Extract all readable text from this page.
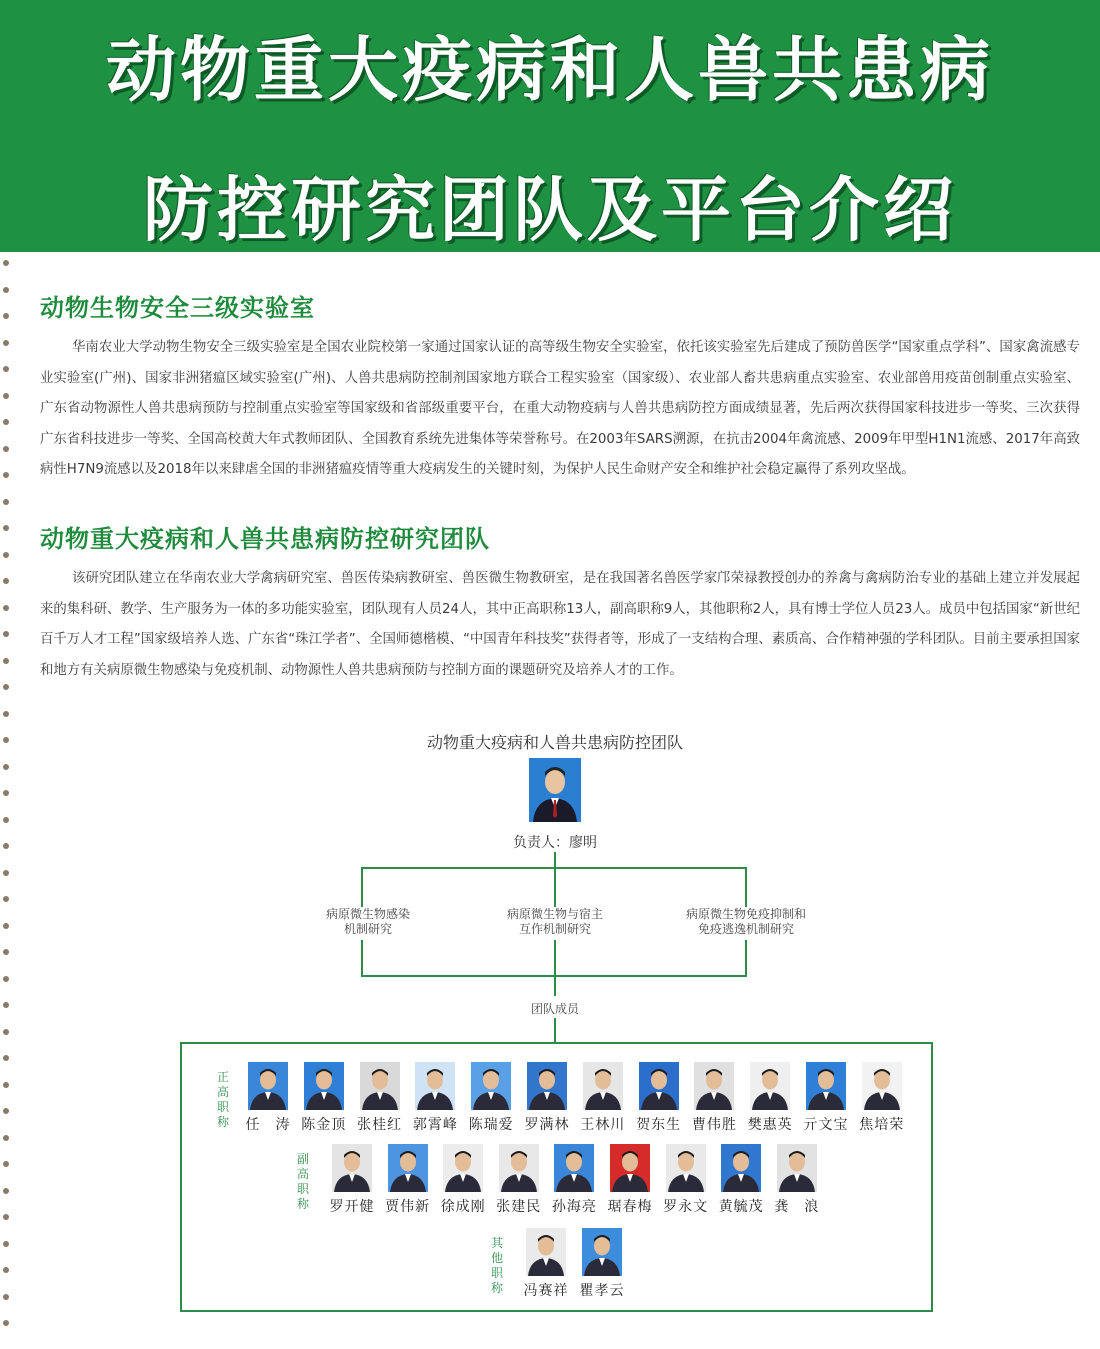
动物重大疫病和人兽共患病
防控研究团队及平台介绍
动物生物安全三级实验室

华南农业大学动物生物安全三级实验室是全国农业院校第一家通过国家认证的高等级生物安全实验室，依托该实验室先后建成了预防兽医学“国家重点学科”、国家禽流感专业实验室(广州)、国家非洲猪瘟区域实验室(广州)、人兽共患病防控制剂国家地方联合工程实验室（国家级）、农业部人畜共患病重点实验室、农业部兽用疫苗创制重点实验室、广东省动物源性人兽共患病预防与控制重点实验室等国家级和省部级重要平台，在重大动物疫病与人兽共患病防控方面成绩显著，先后两次获得国家科技进步一等奖、三次获得广东省科技进步一等奖、全国高校黄大年式教师团队、全国教育系统先进集体等荣誉称号。在2003年SARS溯源，在抗击2004年禽流感、2009年甲型H1N1流感、2017年高致病性H7N9流感以及2018年以来肆虐全国的非洲猪瘟疫情等重大疫病发生的关键时刻，为保护人民生命财产安全和维护社会稳定赢得了系列攻坚战。

动物重大疫病和人兽共患病防控研究团队

该研究团队建立在华南农业大学禽病研究室、兽医传染病教研室、兽医微生物教研室，是在我国著名兽医学家邝荣禄教授创办的养禽与禽病防治专业的基础上建立并发展起来的集科研、教学、生产服务为一体的多功能实验室，团队现有人员24人，其中正高职称13人，副高职称9人，其他职称2人，具有博士学位人员23人。成员中包括国家“新世纪百千万人才工程”国家级培养人选、广东省“珠江学者”、全国师德楷模、“中国青年科技奖”获得者等，形成了一支结构合理、素质高、合作精神强的学科团队。目前主要承担国家和地方有关病原微生物感染与免疫机制、动物源性人兽共患病预防与控制方面的课题研究及培养人才的工作。

动物重大疫病和人兽共患病防控团队
负责人：廖明
病原微生物感染
机制研究
病原微生物与宿主
互作机制研究
病原微生物免疫抑制和
免疫逃逸机制研究
团队成员
正高职称	任　涛 陈金顶 张桂红 郭霄峰 陈瑞爱 罗满林 王林川 贺东生 曹伟胜 樊惠英 亓文宝 焦培荣
副高职称	罗开健 贾伟新 徐成刚 张建民 孙海亮 琚春梅 罗永文 黄毓茂 龚　浪
其他职称	冯赛祥 瞿孝云
